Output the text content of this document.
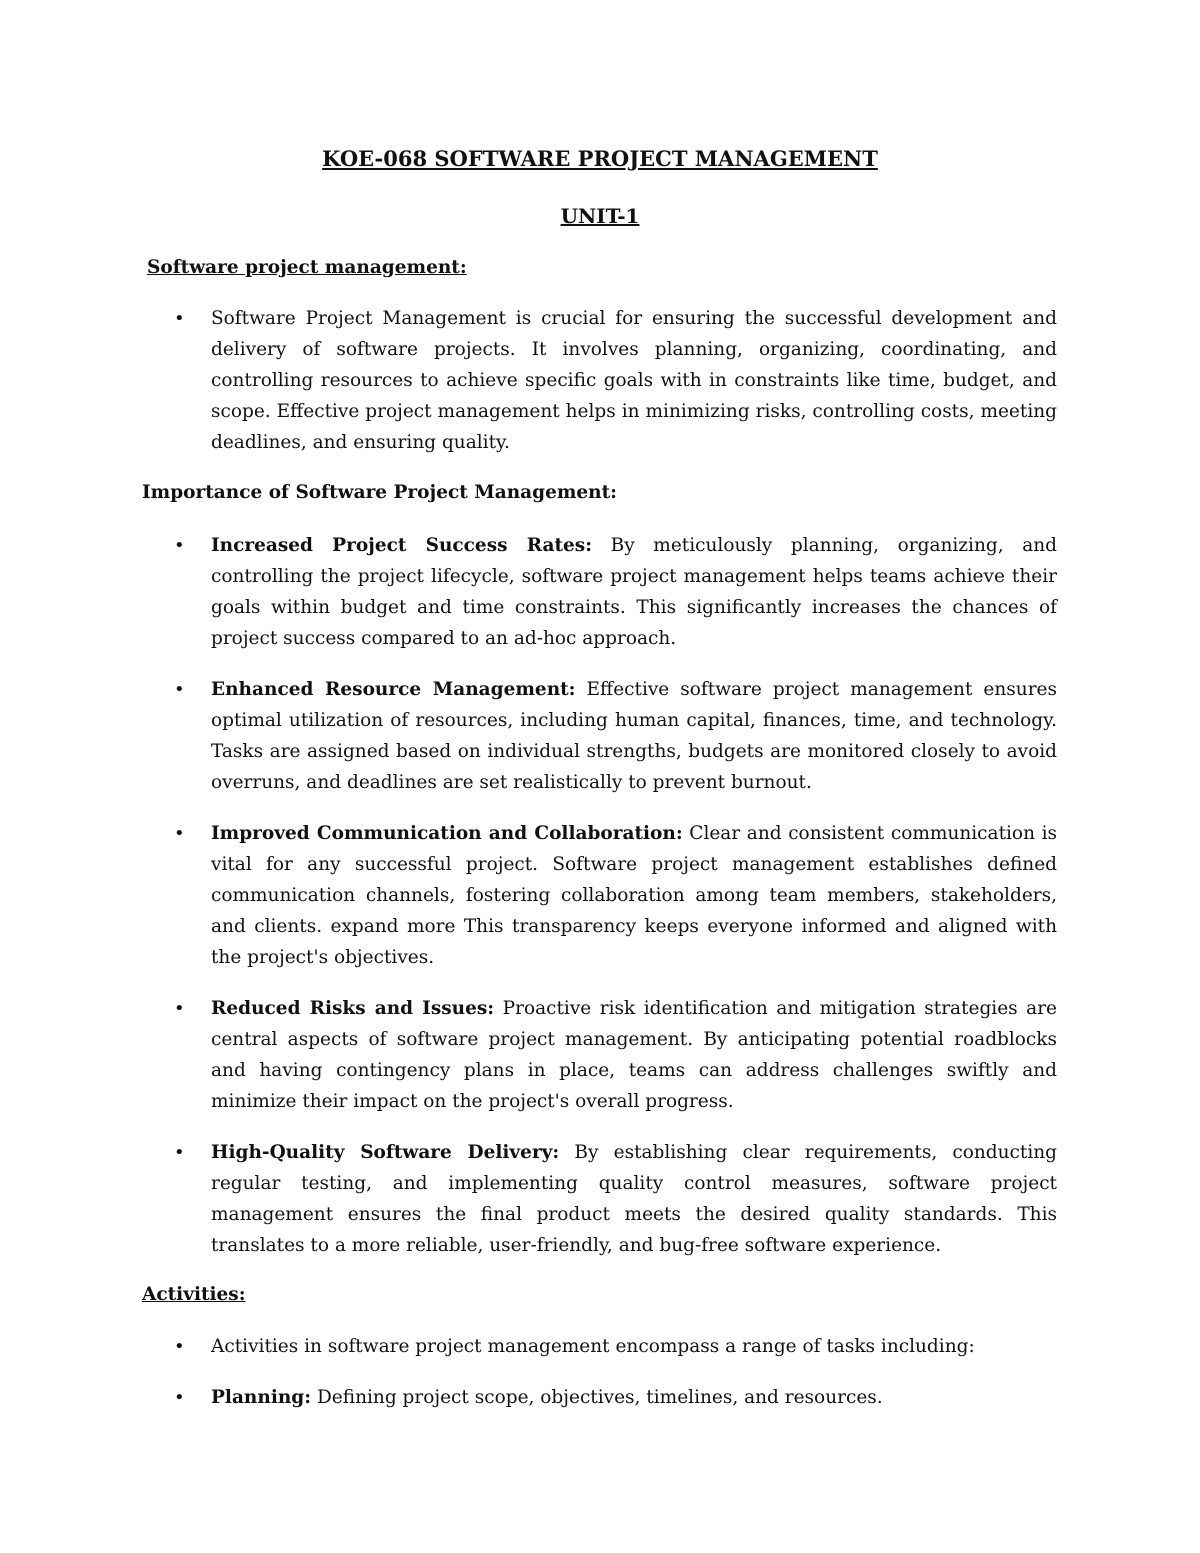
KOE-068 SOFTWARE PROJECT MANAGEMENT
UNIT-1
Software project management:
• Software Project Management is crucial for ensuring the successful development and delivery of software projects. It involves planning, organizing, coordinating, and controlling resources to achieve specific goals with in constraints like time, budget, and scope. Effective project management helps in minimizing risks, controlling costs, meeting deadlines, and ensuring quality.
Importance of Software Project Management:
• Increased Project Success Rates: By meticulously planning, organizing, and controlling the project lifecycle, software project management helps teams achieve their goals within budget and time constraints. This significantly increases the chances of project success compared to an ad-hoc approach.
• Enhanced Resource Management: Effective software project management ensures optimal utilization of resources, including human capital, finances, time, and technology. Tasks are assigned based on individual strengths, budgets are monitored closely to avoid overruns, and deadlines are set realistically to prevent burnout.
• Improved Communication and Collaboration: Clear and consistent communication is vital for any successful project. Software project management establishes defined communication channels, fostering collaboration among team members, stakeholders, and clients. expand more This transparency keeps everyone informed and aligned with the project's objectives.
• Reduced Risks and Issues: Proactive risk identification and mitigation strategies are central aspects of software project management. By anticipating potential roadblocks and having contingency plans in place, teams can address challenges swiftly and minimize their impact on the project's overall progress.
• High-Quality Software Delivery: By establishing clear requirements, conducting regular testing, and implementing quality control measures, software project management ensures the final product meets the desired quality standards. This translates to a more reliable, user-friendly, and bug-free software experience.
Activities:
• Activities in software project management encompass a range of tasks including:
• Planning: Defining project scope, objectives, timelines, and resources.
